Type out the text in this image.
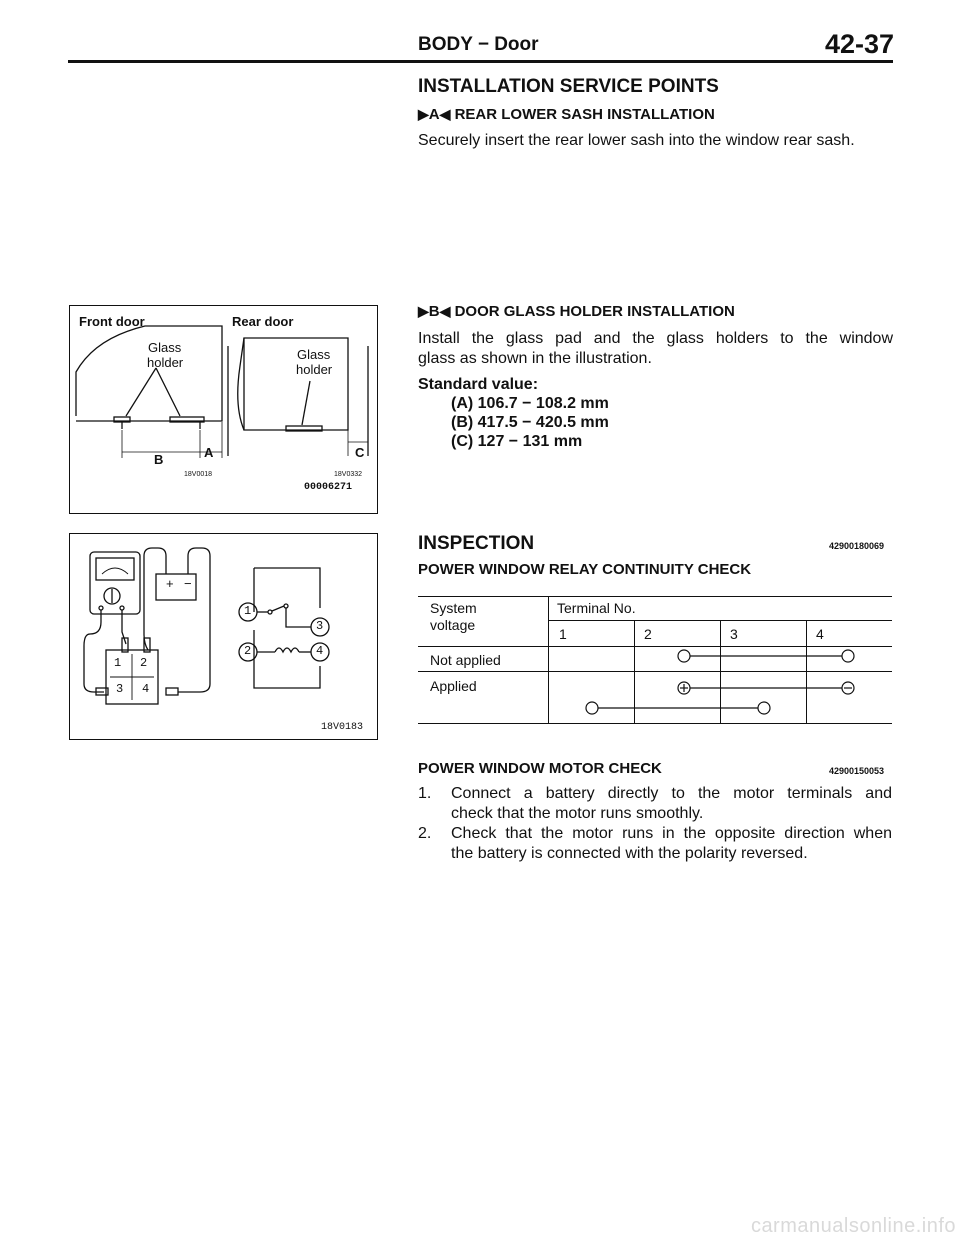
BODY − Door	42-37
INSTALLATION SERVICE POINTS
▶A◀ REAR LOWER SASH INSTALLATION
Securely insert the rear lower sash into the window rear sash.
▶B◀ DOOR GLASS HOLDER INSTALLATION
Install the glass pad and the glass holders to the window
glass as shown in the illustration.
Standard value:
(A) 106.7 − 108.2 mm
(B) 417.5 − 420.5 mm
(C) 127 − 131 mm
Front door	Rear door
Glass
holder
Glass
holder
B	A	C
18V0018	18V0332
00006271
+ −
1 2
3 4
1
2
3
4
18V0183
INSPECTION	42900180069
POWER WINDOW RELAY CONTINUITY CHECK
System
voltage
Terminal No.
1	2	3	4
Not applied
Applied
POWER WINDOW MOTOR CHECK	42900150053
1. Connect a battery directly to the motor terminals and
check that the motor runs smoothly.
2. Check that the motor runs in the opposite direction when
the battery is connected with the polarity reversed.
carmanualsonline.info
